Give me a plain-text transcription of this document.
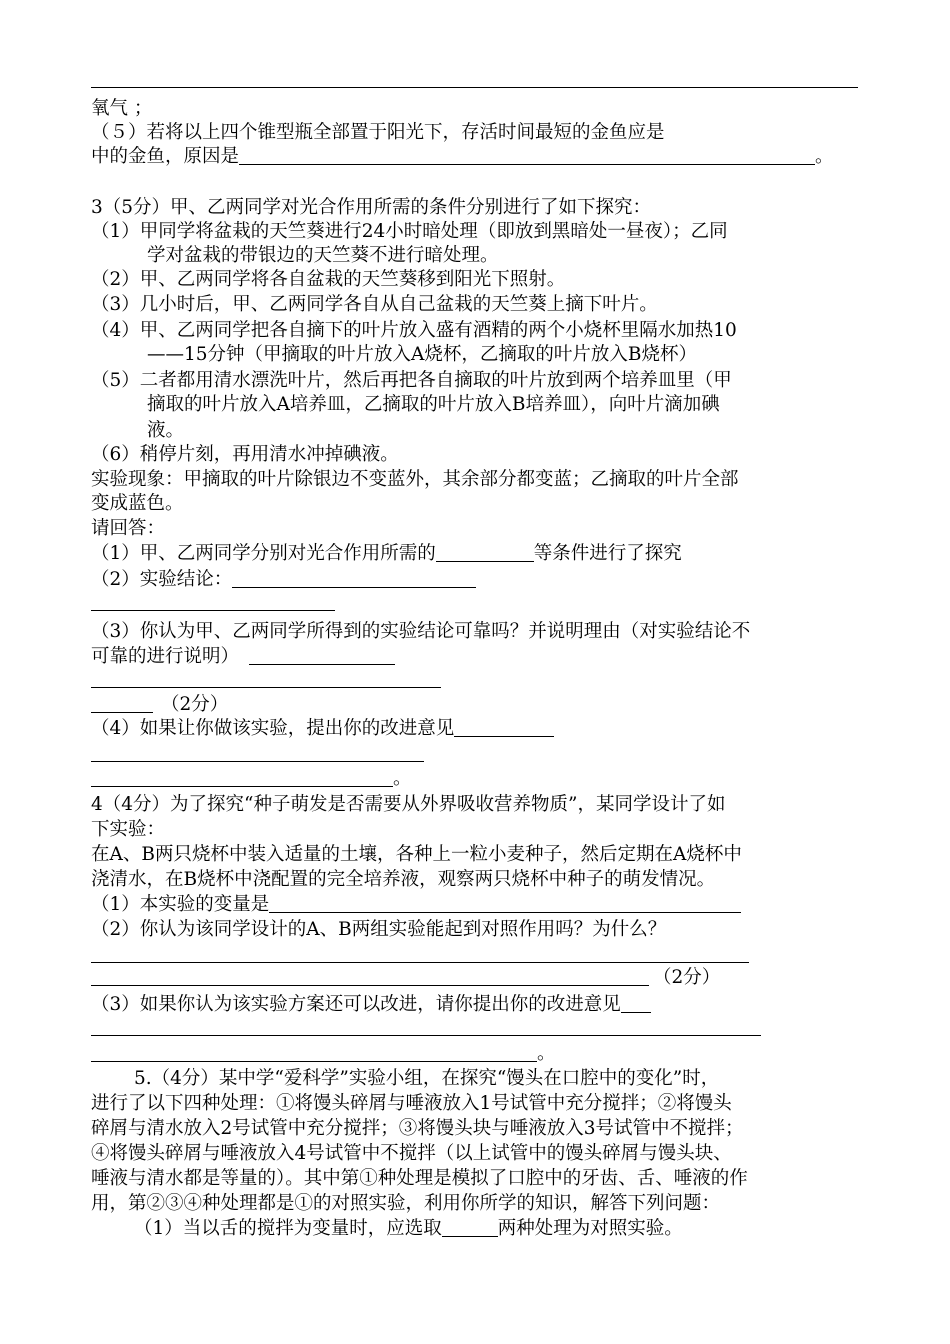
氧气 ；
（５）若将以上四个锥型瓶全部置于阳光下，存活时间最短的金鱼应是
中的金鱼，原因是	。
3（5分）甲、乙两同学对光合作用所需的条件分别进行了如下探究：
（1）甲同学将盆栽的天竺葵进行24小时暗处理（即放到黑暗处一昼夜）；乙同
学对盆栽的带银边的天竺葵不进行暗处理。
（2）甲、乙两同学将各自盆栽的天竺葵移到阳光下照射。
（3）几小时后，甲、乙两同学各自从自己盆栽的天竺葵上摘下叶片。
（4）甲、乙两同学把各自摘下的叶片放入盛有酒精的两个小烧杯里隔水加热10
——15分钟（甲摘取的叶片放入A烧杯，乙摘取的叶片放入B烧杯）
（5）二者都用清水漂洗叶片，然后再把各自摘取的叶片放到两个培养皿里（甲
摘取的叶片放入A培养皿，乙摘取的叶片放入B培养皿），向叶片滴加碘
液。
（6）稍停片刻，再用清水冲掉碘液。
实验现象：甲摘取的叶片除银边不变蓝外，其余部分都变蓝；乙摘取的叶片全部
变成蓝色。
请回答：
（1）甲、乙两同学分别对光合作用所需的	等条件进行了探究
（2）实验结论：
（3）你认为甲、乙两同学所得到的实验结论可靠吗？并说明理由（对实验结论不
可靠的进行说明）
（2分）
（4）如果让你做该实验，提出你的改进意见
。
4（4分）为了探究“种子萌发是否需要从外界吸收营养物质”，某同学设计了如
下实验：
在A、B两只烧杯中装入适量的土壤，各种上一粒小麦种子，然后定期在A烧杯中
浇清水，在B烧杯中浇配置的完全培养液，观察两只烧杯中种子的萌发情况。
（1）本实验的变量是
（2）你认为该同学设计的A、B两组实验能起到对照作用吗？为什么？
（2分）
（3）如果你认为该实验方案还可以改进，请你提出你的改进意见
。
5.（4分）某中学“爱科学”实验小组，在探究“馒头在口腔中的变化”时，
进行了以下四种处理：①将馒头碎屑与唾液放入1号试管中充分搅拌；②将馒头
碎屑与清水放入2号试管中充分搅拌；③将馒头块与唾液放入3号试管中不搅拌；
④将馒头碎屑与唾液放入4号试管中不搅拌（以上试管中的馒头碎屑与馒头块、
唾液与清水都是等量的）。其中第①种处理是模拟了口腔中的牙齿、舌、唾液的作
用，第②③④种处理都是①的对照实验，利用你所学的知识，解答下列问题：
（1）当以舌的搅拌为变量时，应选取	两种处理为对照实验。
